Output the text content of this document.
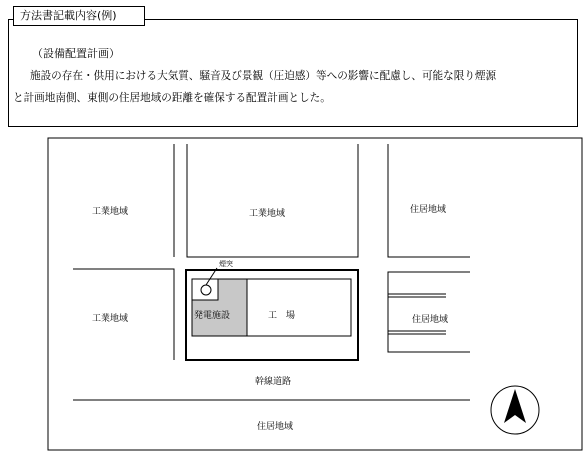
方法書記載内容(例)
（設備配置計画）
施設の存在・供用における大気質、騒音及び景観（圧迫感）等への影響に配慮し、可能な限り煙源
と計画地南側、東側の住居地域の距離を確保する配置計画とした。
工業地域	工業地域	住居地域
工業地域	住居地域
幹線道路
住居地域
煙突
発電施設	工　場
